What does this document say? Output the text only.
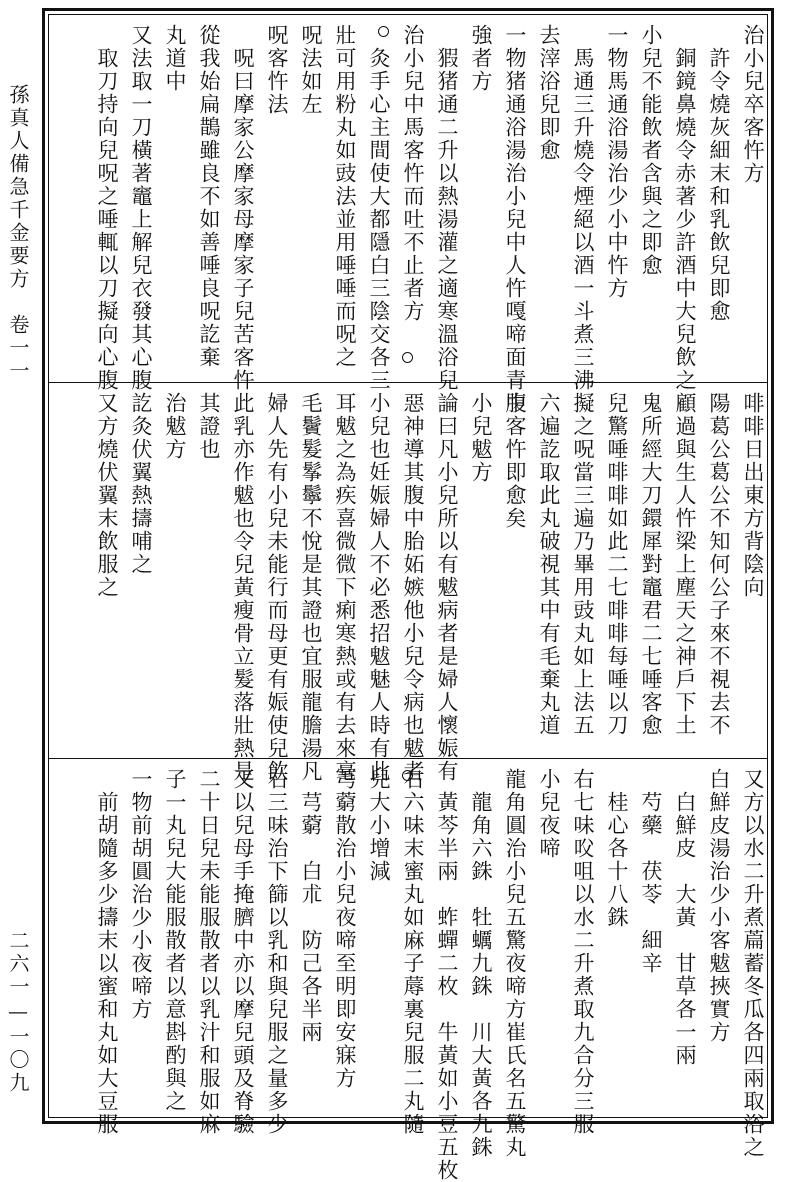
孫真人備急千金要方　卷一一
二六一—一〇九
治小兒卒客忤方
　許令燒灰細末和乳飲兒即愈
　銅鏡鼻燒令赤著少許酒中大兒飲之
小兒不能飲者含與之即愈
一物馬通浴湯治少小中忤方
　馬通三升燒令煙絕以酒一斗煮三沸
去滓浴兒即愈
一物猪通浴湯治小兒中人忤嘎啼面青腹
強者方
　猳猪通二升以熱湯灌之適寒溫浴兒
治小兒中馬客忤而吐不止者方
　灸手心主間使大都隱白三陰交各三
壯可用粉丸如豉法並用唾唾而呪之
呪法如左
呪客忤法
　呪曰摩家公摩家母摩家子兒苦客忤
從我始扁鵲雖良不如善唾良呪訖棄
丸道中
又法取一刀橫著竈上解兒衣發其心腹訖
　取刀持向兒呪之唾輒以刀擬向心腹
啡啡日出東方背陰向
陽葛公葛公不知何公子來不視去不
顧過與生人忤梁上塵天之神戶下土
鬼所經大刀鐶犀對竈君二七唾客愈
兒驚唾啡啡如此二七啡啡每唾以刀
擬之呪當三遍乃畢用豉丸如上法五
六遍訖取此丸破視其中有毛棄丸道
中客忤即愈矣
小兒魃方
論曰凡小兒所以有魃病者是婦人懷娠有
惡神導其腹中胎妬嫉他小兒令病也魃者
小兒也妊娠婦人不必悉招魃魅人時有此
耳魃之為疾喜微微下痢寒熱或有去來毫
毛鬢髮鬇鬡不悅是其證也宜服龍膽湯凡
婦人先有小兒未能行而母更有娠使兒飲
此乳亦作魃也令兒黃瘦骨立髮落壯熱是
其證也
治魃方
　灸伏翼熱擣哺之
又方燒伏翼末飲服之
又方以水二升煮萹蓄冬瓜各四兩取浴之
白鮮皮湯治少小客魃挾實方
　白鮮皮　大黃　甘草各一兩
　芍藥　茯苓　細辛
　桂心各十八銖
右七味㕮咀以水二升煮取九合分三服
小兒夜啼
龍角圓治小兒五驚夜啼方崔氏名五驚丸
　龍角六銖　牡蠣九銖　川大黃各九銖
　黃芩半兩　蚱蟬二枚　牛黃如小豆五枚
右六味末蜜丸如麻子蓐裏兒服二丸隨
兒大小增減
芎藭散治小兒夜啼至明即安寐方
　芎藭　白朮　防己各半兩
右三味治下篩以乳和與兒服之量多少
又以兒母手掩臍中亦以摩兒頭及脊驗
二十日兒未能服散者以乳汁和服如麻
子一丸兒大能服散者以意斟酌與之
一物前胡圓治少小夜啼方
　前胡隨多少擣末以蜜和丸如大豆服
